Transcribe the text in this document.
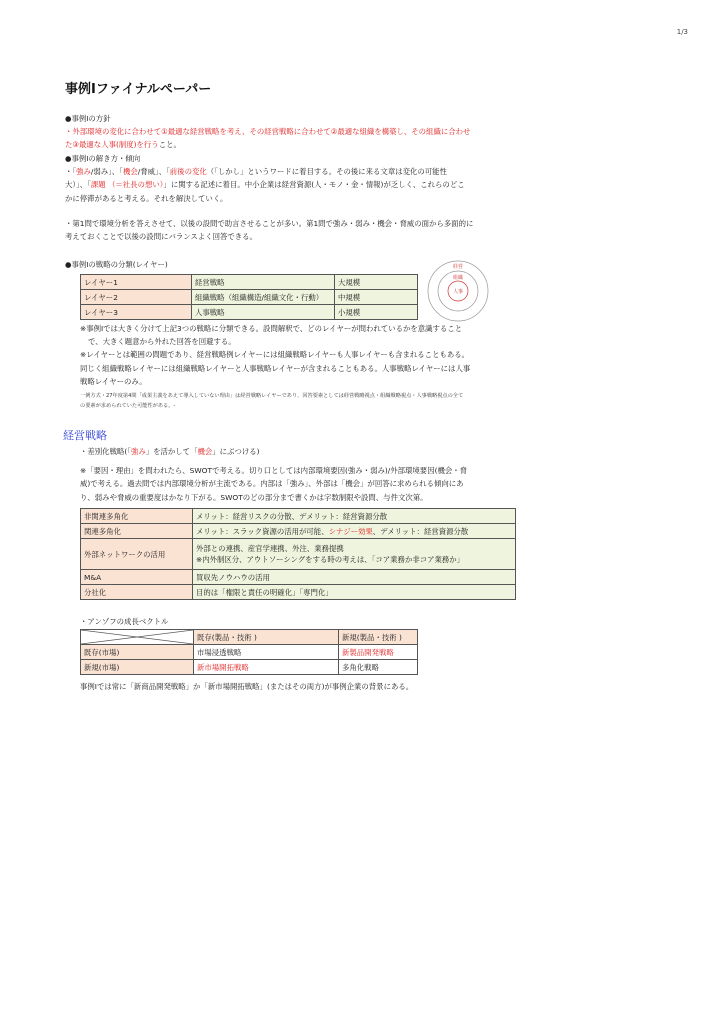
1/3
事例Ⅰファイナルペーパー
●事例Ⅰの方針
・外部環境の変化に合わせて①最適な経営戦略を考え、その経営戦略に合わせて②最適な組織を構築し、その組織に合わせ
た③最適な人事(制度)を行うこと。
●事例Ⅰの解き方・傾向
・「強み/弱み」、「機会/脅威」、「前後の変化（「しかし」というワードに着目する。その後に来る文章は変化の可能性
大）」、「課題 （＝社長の想い）」に関する記述に着目。中小企業は経営資源(人・モノ・金・情報)が乏しく、これらのどこ
かに停滞があると考える。それを解決していく。
・第1問で環境分析を答えさせて、以後の設問で助言させることが多い。第1問で強み・弱み・機会・脅威の面から多面的に
考えておくことで以後の設問にバランスよく回答できる。
●事例Ⅰの戦略の分類(レイヤー)
レイヤー1	経営戦略	大規模
レイヤー2	組織戦略（組織構造/組織文化・行動）	中規模
レイヤー3	人事戦略	小規模
経営
組織
人事
※事例Ⅰでは大きく分けて上記3つの戦略に分類できる。設問解釈で、どのレイヤーが問われているかを意識すること
で、大きく題意から外れた回答を回避する。
※レイヤーとは範囲の問題であり、経営戦略例レイヤーには組織戦略レイヤーも人事レイヤーも含まれることもある。
同じく組織戦略レイヤーには組織戦略レイヤーと人事戦略レイヤーが含まれることもある。人事戦略レイヤーには人事
戦略レイヤーのみ。
一例方式・27年度第4問「成果主義をあえて導入していない理由」は経営戦略レイヤーであり、回答要素としては経営戦略視点・組織戦略視点・人事戦略視点の全て
の要素が求められていた可能性がある。-
経営戦略
・差別化戦略(「強み」を活かして「機会」にぶつける)
※「要因・理由」を問われたら、SWOTで考える。切り口としては内部環境要因(強み・弱み)/外部環境要因(機会・脅
威)で考える。過去問では内部環境分析が主流である。内部は「強み」、外部は「機会」が回答に求められる傾向にあ
り、弱みや脅威の重要度はかなり下がる。SWOTのどの部分まで書くかは字数制限や設問、与件文次第。
非関連多角化	メリット：経営リスクの分散、デメリット：経営資源分散
関連多角化	メリット：スラック資源の活用が可能、シナジー効果、デメリット：経営資源分散
外部ネットワークの活用	外部との連携、産官学連携、外注、業務提携
※内外制区分、アウトソーシングをする時の考えは、「コア業務か非コア業務か」

M&A	買収先ノウハウの活用
分社化	目的は「権限と責任の明確化」「専門化」
・アンゾフの成長ベクトル
	既存(製品・技術 )	新規(製品・技術 )
既存(市場)	市場浸透戦略	新製品開発戦略
新規(市場)	新市場開拓戦略	多角化戦略
事例Ⅰでは常に「新商品開発戦略」か「新市場開拓戦略」(またはその両方)が事例企業の背景にある。
